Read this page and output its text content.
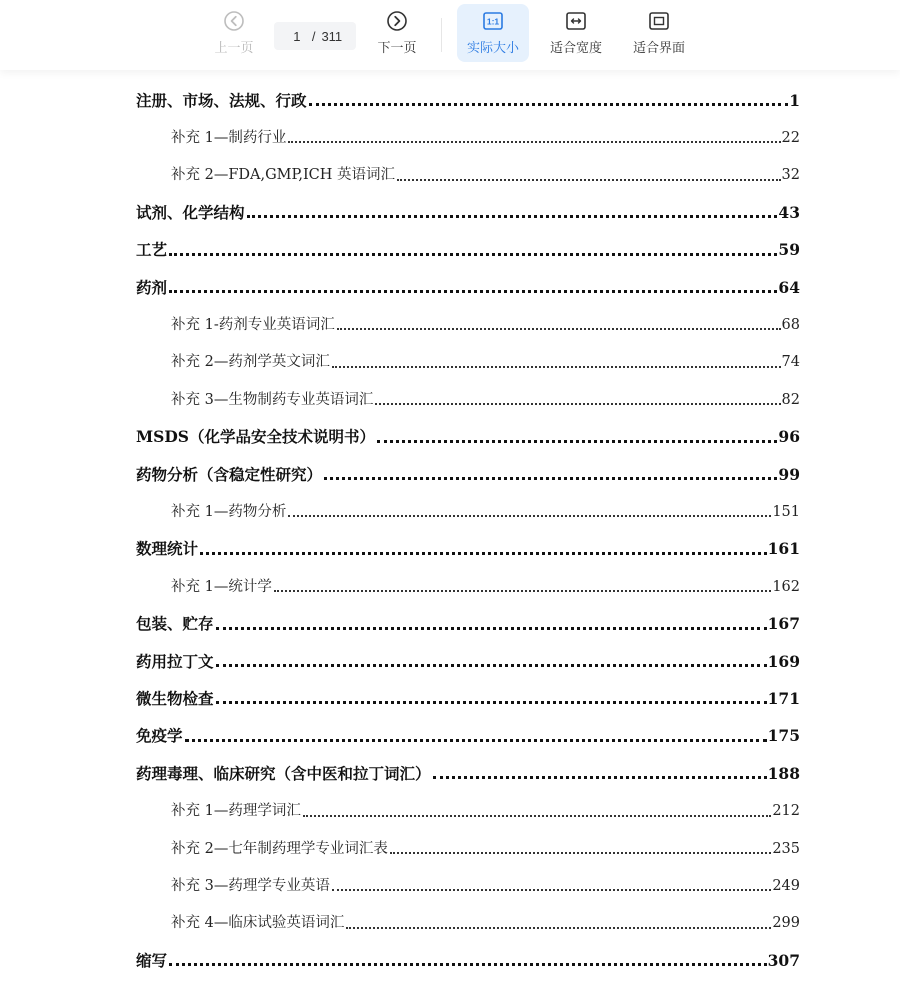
上一页
1 / 311
下一页
1:1
实际大小 适合宽度 适合界面
注册、市场、法规、行政	1
补充 1—制药行业	22
补充 2—FDA,GMP,ICH 英语词汇	32
试剂、化学结构	43
工艺	59
药剂	64
补充 1-药剂专业英语词汇	68
补充 2—药剂学英文词汇	74
补充 3—生物制药专业英语词汇	82
MSDS（化学品安全技术说明书）	96
药物分析（含稳定性研究）	99
补充 1—药物分析	151
数理统计	161
补充 1—统计学	162
包装、贮存	167
药用拉丁文	169
微生物检查	171
免疫学	175
药理毒理、临床研究（含中医和拉丁词汇）	188
补充 1—药理学词汇	212
补充 2—七年制药理学专业词汇表	235
补充 3—药理学专业英语	249
补充 4—临床试验英语词汇	299
缩写	307
